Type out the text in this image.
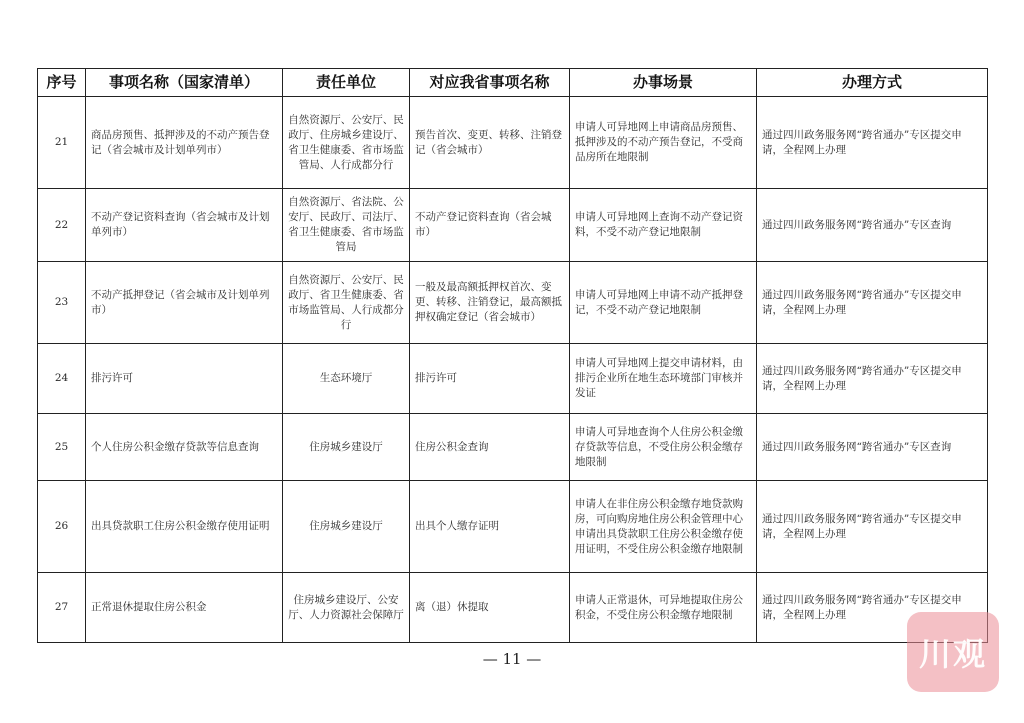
序号	事项名称（国家清单）	责任单位	对应我省事项名称	办事场景	办理方式
21	商品房预售、抵押涉及的不动产预告登记（省会城市及计划单列市）	自然资源厅、公安厅、民政厅、住房城乡建设厅、省卫生健康委、省市场监管局、人行成都分行	预告首次、变更、转移、注销登记（省会城市）	申请人可异地网上申请商品房预售、抵押涉及的不动产预告登记，不受商品房所在地限制	通过四川政务服务网“跨省通办”专区提交申请，全程网上办理
22	不动产登记资料查询（省会城市及计划单列市）	自然资源厅、省法院、公安厅、民政厅、司法厅、省卫生健康委、省市场监管局	不动产登记资料查询（省会城市）	申请人可异地网上查询不动产登记资料，不受不动产登记地限制	通过四川政务服务网“跨省通办”专区查询
23	不动产抵押登记（省会城市及计划单列市）	自然资源厅、公安厅、民政厅、省卫生健康委、省市场监管局、人行成都分行	一般及最高额抵押权首次、变更、转移、注销登记，最高额抵押权确定登记（省会城市）	申请人可异地网上申请不动产抵押登记，不受不动产登记地限制	通过四川政务服务网“跨省通办”专区提交申请，全程网上办理
24	排污许可	生态环境厅	排污许可	申请人可异地网上提交申请材料，由排污企业所在地生态环境部门审核并发证	通过四川政务服务网“跨省通办”专区提交申请，全程网上办理
25	个人住房公积金缴存贷款等信息查询	住房城乡建设厅	住房公积金查询	申请人可异地查询个人住房公积金缴存贷款等信息，不受住房公积金缴存地限制	通过四川政务服务网“跨省通办”专区查询
26	出具贷款职工住房公积金缴存使用证明	住房城乡建设厅	出具个人缴存证明	申请人在非住房公积金缴存地贷款购房，可向购房地住房公积金管理中心申请出具贷款职工住房公积金缴存使用证明，不受住房公积金缴存地限制	通过四川政务服务网“跨省通办”专区提交申请，全程网上办理
27	正常退休提取住房公积金	住房城乡建设厅、公安厅、人力资源社会保障厅	离（退）休提取	申请人正常退休，可异地提取住房公积金，不受住房公积金缴存地限制	通过四川政务服务网“跨省通办”专区提交申请，全程网上办理
— 11 —	川观
